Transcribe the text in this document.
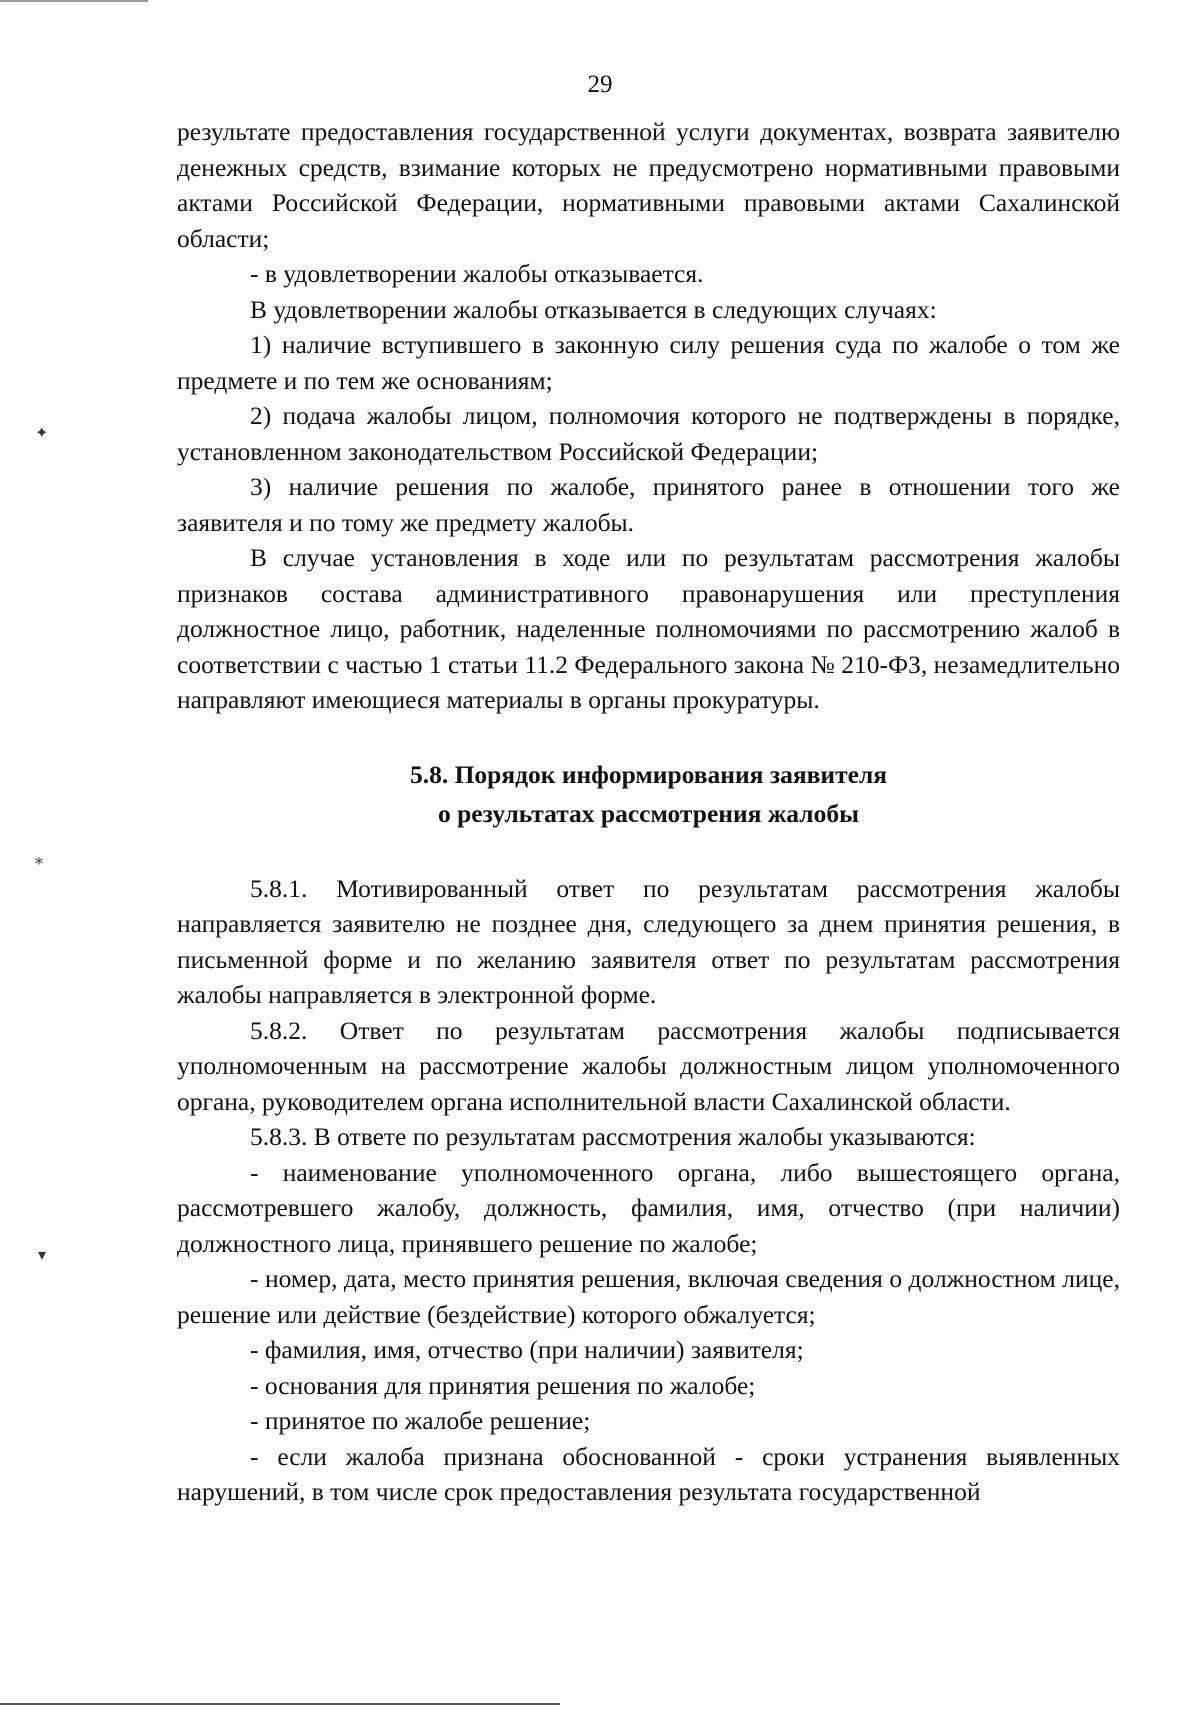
29

результате предоставления государственной услуги документах, возврата заявителю денежных средств, взимание которых не предусмотрено нормативными правовыми актами Российской Федерации, нормативными правовыми актами Сахалинской области;

- в удовлетворении жалобы отказывается.

В удовлетворении жалобы отказывается в следующих случаях:

1) наличие вступившего в законную силу решения суда по жалобе о том же предмете и по тем же основаниям;

2) подача жалобы лицом, полномочия которого не подтверждены в порядке, установленном законодательством Российской Федерации;

3) наличие решения по жалобе, принятого ранее в отношении того же заявителя и по тому же предмету жалобы.

В случае установления в ходе или по результатам рассмотрения жалобы признаков состава административного правонарушения или преступления должностное лицо, работник, наделенные полномочиями по рассмотрению жалоб в соответствии с частью 1 статьи 11.2 Федерального закона № 210-ФЗ, незамедлительно направляют имеющиеся материалы в органы прокуратуры.

5.8. Порядок информирования заявителя
о результатах рассмотрения жалобы

5.8.1. Мотивированный ответ по результатам рассмотрения жалобы направляется заявителю не позднее дня, следующего за днем принятия решения, в письменной форме и по желанию заявителя ответ по результатам рассмотрения жалобы направляется в электронной форме.

5.8.2. Ответ по результатам рассмотрения жалобы подписывается уполномоченным на рассмотрение жалобы должностным лицом уполномоченного органа, руководителем органа исполнительной власти Сахалинской области.

5.8.3. В ответе по результатам рассмотрения жалобы указываются:

- наименование уполномоченного органа, либо вышестоящего органа, рассмотревшего жалобу, должность, фамилия, имя, отчество (при наличии) должностного лица, принявшего решение по жалобе;

- номер, дата, место принятия решения, включая сведения о должностном лице, решение или действие (бездействие) которого обжалуется;

- фамилия, имя, отчество (при наличии) заявителя;

- основания для принятия решения по жалобе;

- принятое по жалобе решение;

- если жалоба признана обоснованной - сроки устранения выявленных нарушений, в том числе срок предоставления результата государственной

✦
⁎
▾
